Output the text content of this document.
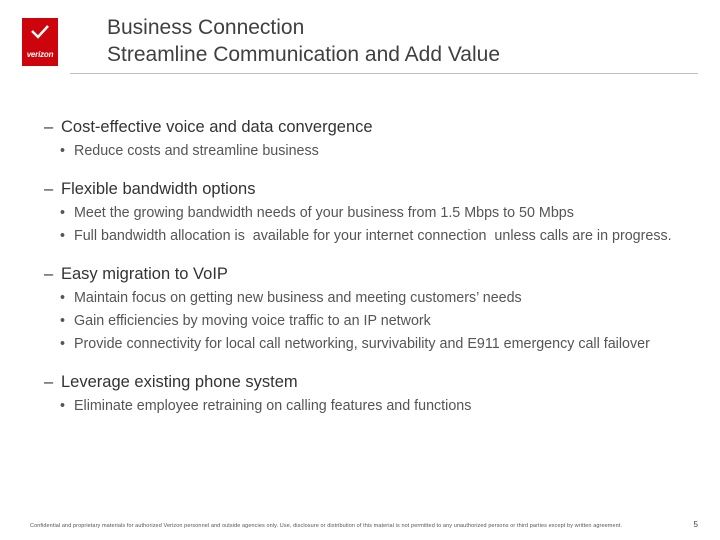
verizon
Business Connection
Streamline Communication and Add Value
– Cost-effective voice and data convergence
• Reduce costs and streamline business
– Flexible bandwidth options
• Meet the growing bandwidth needs of your business from 1.5 Mbps to 50 Mbps
• Full bandwidth allocation is  available for your internet connection  unless calls are in progress.
– Easy migration to VoIP
• Maintain focus on getting new business and meeting customers’ needs
• Gain efficiencies by moving voice traffic to an IP network
• Provide connectivity for local call networking, survivability and E911 emergency call failover
– Leverage existing phone system
• Eliminate employee retraining on calling features and functions
Confidential and proprietary materials for authorized Verizon personnel and outside agencies only. Use, disclosure or distribution of this material is not permitted to any unauthorized persons or third parties except by written agreement.	5
